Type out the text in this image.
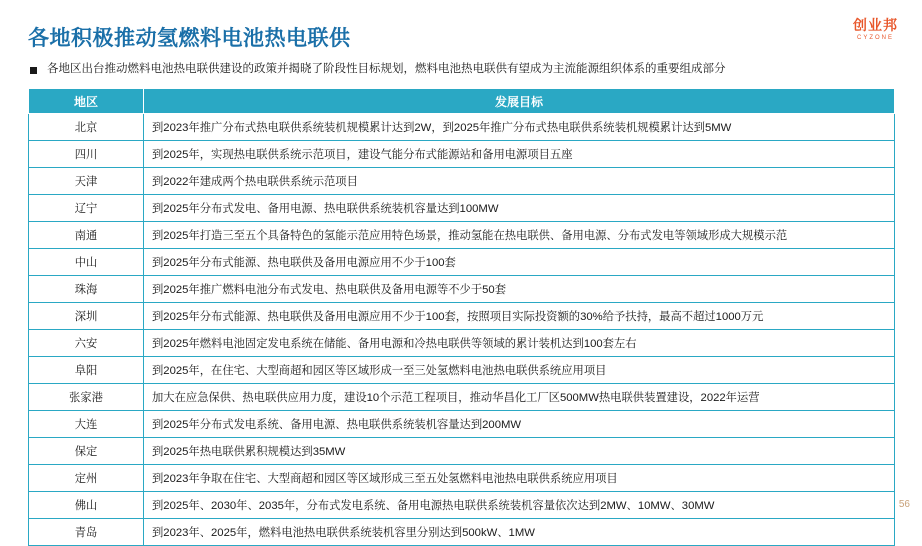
各地积极推动氢燃料电池热电联供
创业邦
CYZONE
各地区出台推动燃料电池热电联供建设的政策并揭晓了阶段性目标规划，燃料电池热电联供有望成为主流能源组织体系的重要组成部分
地区	发展目标
北京	到2023年推广分布式热电联供系统装机规模累计达到2W，到2025年推广分布式热电联供系统装机规模累计达到5MW
四川	到2025年，实现热电联供系统示范项目，建设气能分布式能源站和备用电源项目五座
天津	到2022年建成两个热电联供系统示范项目
辽宁	到2025年分布式发电、备用电源、热电联供系统装机容量达到100MW
南通	到2025年打造三至五个具备特色的氢能示范应用特色场景，推动氢能在热电联供、备用电源、分布式发电等领域形成大规模示范
中山	到2025年分布式能源、热电联供及备用电源应用不少于100套
珠海	到2025年推广燃料电池分布式发电、热电联供及备用电源等不少于50套
深圳	到2025年分布式能源、热电联供及备用电源应用不少于100套，按照项目实际投资额的30%给予扶持，最高不超过1000万元
六安	到2025年燃料电池固定发电系统在储能、备用电源和冷热电联供等领域的累计装机达到100套左右
阜阳	到2025年，在住宅、大型商超和园区等区域形成一至三处氢燃料电池热电联供系统应用项目
张家港	加大在应急保供、热电联供应用力度，建设10个示范工程项目，推动华昌化工厂区500MW热电联供装置建设，2022年运营
大连	到2025年分布式发电系统、备用电源、热电联供系统装机容量达到200MW
保定	到2025年热电联供累积规模达到35MW
定州	到2023年争取在住宅、大型商超和园区等区域形成三至五处氢燃料电池热电联供系统应用项目
佛山	到2025年、2030年、2035年，分布式发电系统、备用电源热电联供系统装机容量依次达到2MW、10MW、30MW
青岛	到2023年、2025年，燃料电池热电联供系统装机容里分别达到500kW、1MW
56
